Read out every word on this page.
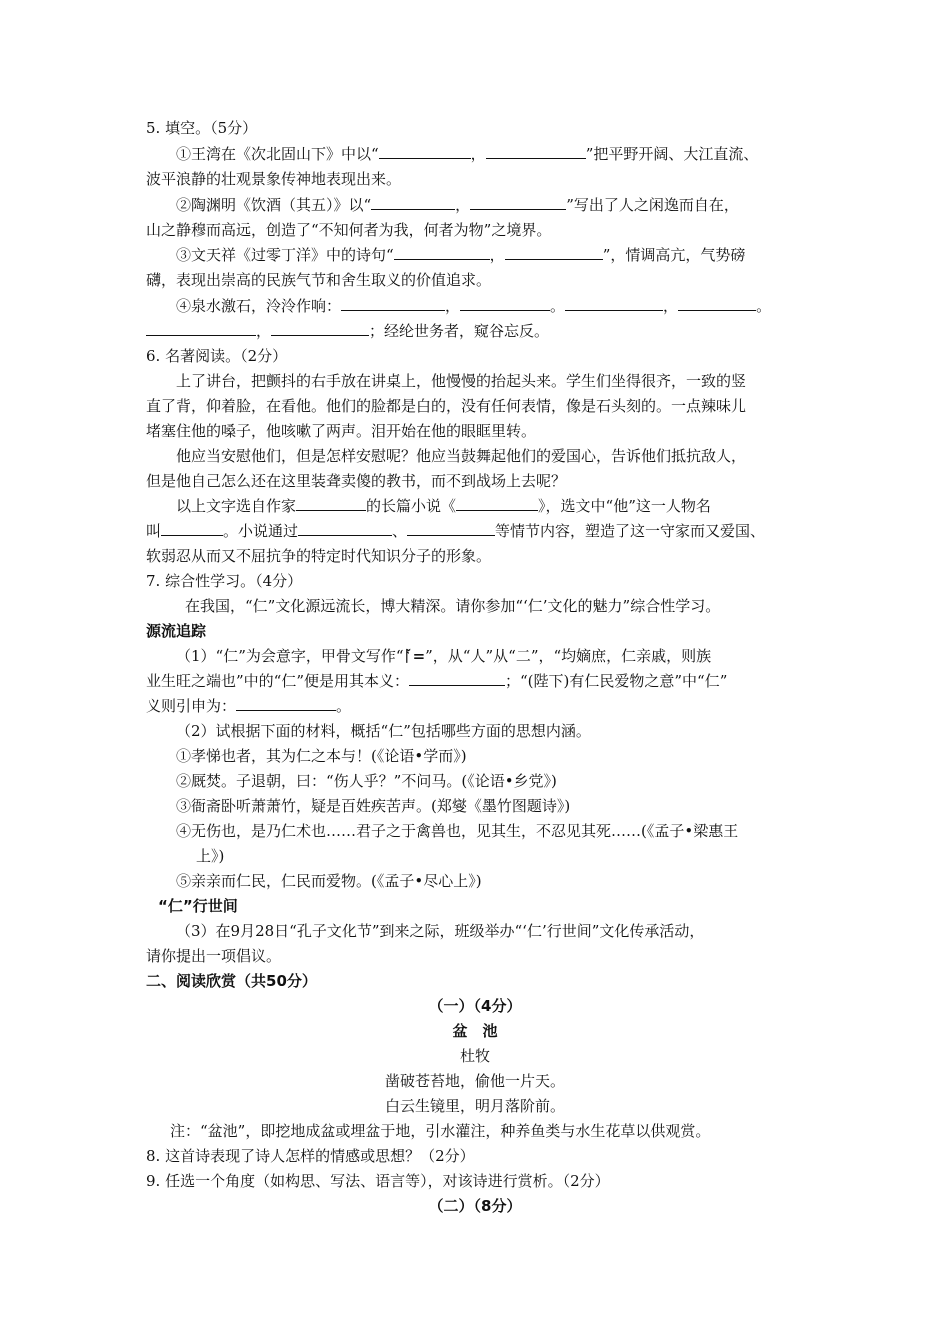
5. 填空。（5分）
①王湾在《次北固山下》中以“	，	”把平野开阔、大江直流、
波平浪静的壮观景象传神地表现出来。
②陶渊明《饮酒（其五）》以“	，	”写出了人之闲逸而自在，
山之静穆而高远，创造了“不知何者为我，何者为物”之境界。
③文天祥《过零丁洋》中的诗句“	，	”，情调高亢，气势磅
礴，表现出崇高的民族气节和舍生取义的价值追求。
④泉水激石，泠泠作响：	，	。	，	。
，	；经纶世务者，窥谷忘反。
6. 名著阅读。（2分）
上了讲台，把颤抖的右手放在讲桌上，他慢慢的抬起头来。学生们坐得很齐，一致的竖
直了背，仰着脸，在看他。他们的脸都是白的，没有任何表情，像是石头刻的。一点辣味儿
堵塞住他的嗓子，他咳嗽了两声。泪开始在他的眼眶里转。
他应当安慰他们，但是怎样安慰呢？他应当鼓舞起他们的爱国心，告诉他们抵抗敌人，
但是他自己怎么还在这里装聋卖傻的教书，而不到战场上去呢？
以上文字选自作家	的长篇小说《	》，选文中“他”这一人物名
叫	。小说通过	、	等情节内容，塑造了这一守家而又爱国、
软弱忍从而又不屈抗争的特定时代知识分子的形象。
7. 综合性学习。（4分）
在我国，“仁”文化源远流长，博大精深。请你参加“‘仁’文化的魅力”综合性学习。
源流追踪
（1）“仁”为会意字，甲骨文写作“ᚪ=”，从“人”从“二”，“均嫡庶，仁亲戚，则族
业生旺之端也”中的“仁”便是用其本义：	；“(陛下)有仁民爱物之意”中“仁”
义则引申为：	。
（2）试根据下面的材料，概括“仁”包括哪些方面的思想内涵。
①孝悌也者，其为仁之本与！(《论语•学而》)
②厩焚。子退朝，曰：“伤人乎？”不问马。(《论语•乡党》)
③衙斋卧听萧萧竹，疑是百姓疾苦声。(郑燮《墨竹图题诗》)
④无伤也，是乃仁术也……君子之于禽兽也，见其生，不忍见其死……(《孟子•梁惠王
上》)
⑤亲亲而仁民，仁民而爱物。(《孟子•尽心上》)
“仁”行世间
（3）在9月28日“孔子文化节”到来之际，班级举办“‘仁’行世间”文化传承活动，
请你提出一项倡议。
二、阅读欣赏（共50分）
（一）（4分）
盆　池
杜牧
凿破苍苔地，偷他一片天。
白云生镜里，明月落阶前。
注：“盆池”，即挖地成盆或埋盆于地，引水灌注，种养鱼类与水生花草以供观赏。
8. 这首诗表现了诗人怎样的情感或思想？（2分）
9. 任选一个角度（如构思、写法、语言等），对该诗进行赏析。（2分）
（二）（8分）
